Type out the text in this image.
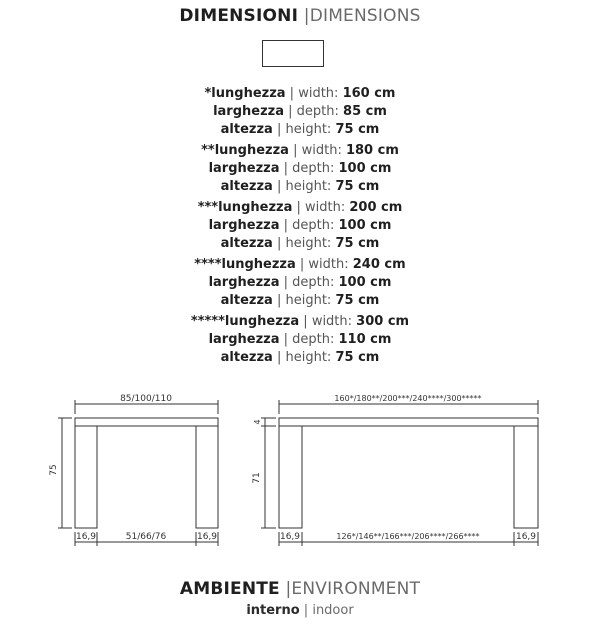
DIMENSIONI |DIMENSIONS
*lunghezza | width: 160 cm
larghezza | depth: 85 cm
altezza | height: 75 cm
**lunghezza | width: 180 cm
larghezza | depth: 100 cm
altezza | height: 75 cm
***lunghezza | width: 200 cm
larghezza | depth: 100 cm
altezza | height: 75 cm
****lunghezza | width: 240 cm
larghezza | depth: 100 cm
altezza | height: 75 cm
*****lunghezza | width: 300 cm
larghezza | depth: 110 cm
altezza | height: 75 cm
85/100/110
75
16,9	51/66/76	16,9
160*/180**/200***/240****/300*****
4
71
16,9	126*/146**/166***/206****/266****	16,9
AMBIENTE |ENVIRONMENT
interno | indoor
